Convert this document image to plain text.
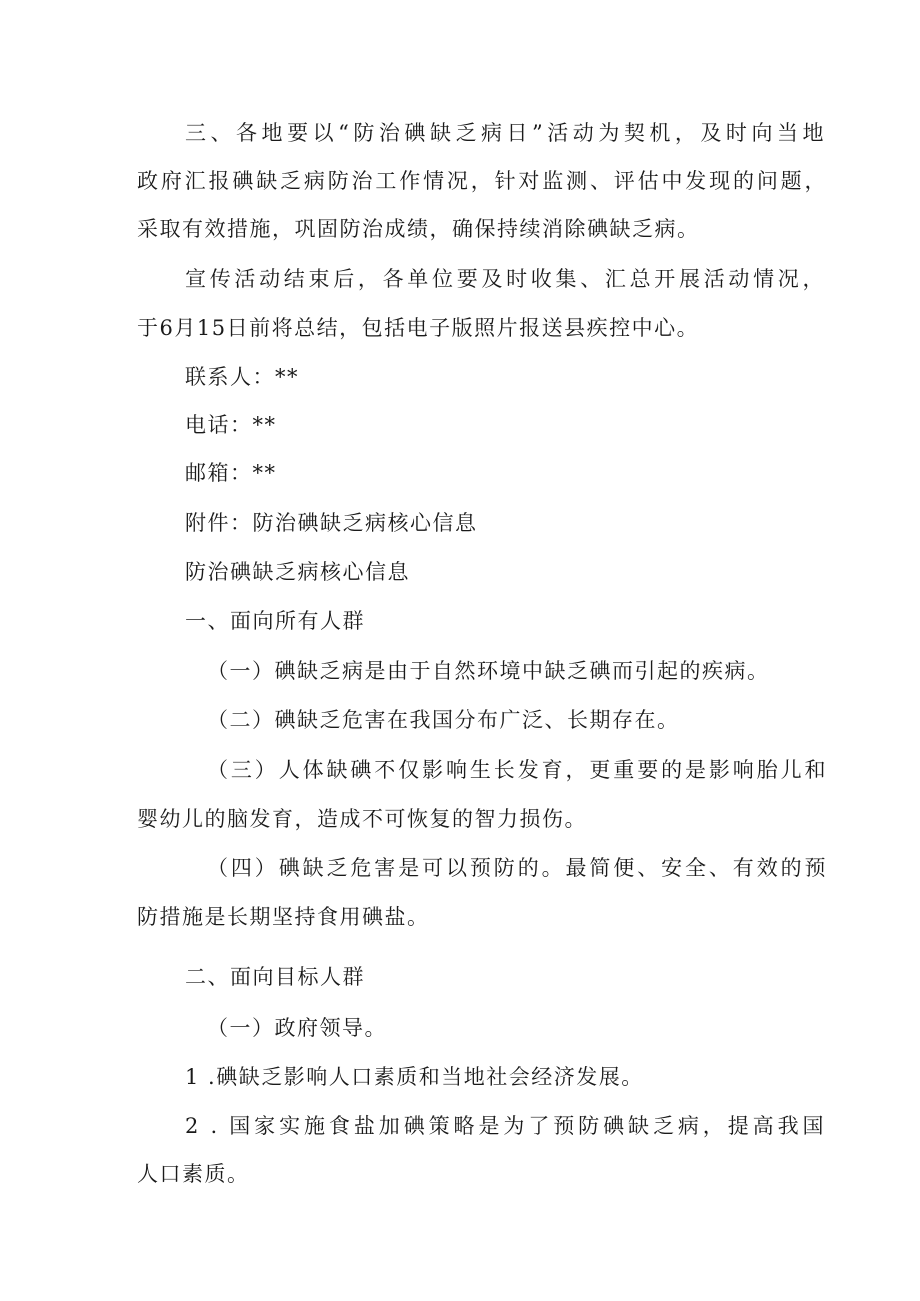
三、各地要以“防治碘缺乏病日”活动为契机，及时向当地
政府汇报碘缺乏病防治工作情况，针对监测、评估中发现的问题，
采取有效措施，巩固防治成绩，确保持续消除碘缺乏病。
宣传活动结束后，各单位要及时收集、汇总开展活动情况，
于6月15日前将总结，包括电子版照片报送县疾控中心。
联系人：**
电话：**
邮箱：**
附件：防治碘缺乏病核心信息
防治碘缺乏病核心信息
一、面向所有人群
（一）碘缺乏病是由于自然环境中缺乏碘而引起的疾病。
（二）碘缺乏危害在我国分布广泛、长期存在。
（三）人体缺碘不仅影响生长发育，更重要的是影响胎儿和
婴幼儿的脑发育，造成不可恢复的智力损伤。
（四）碘缺乏危害是可以预防的。最简便、安全、有效的预
防措施是长期坚持食用碘盐。
二、面向目标人群
（一）政府领导。
1 .碘缺乏影响人口素质和当地社会经济发展。
2 . 国家实施食盐加碘策略是为了预防碘缺乏病，提高我国
人口素质。
